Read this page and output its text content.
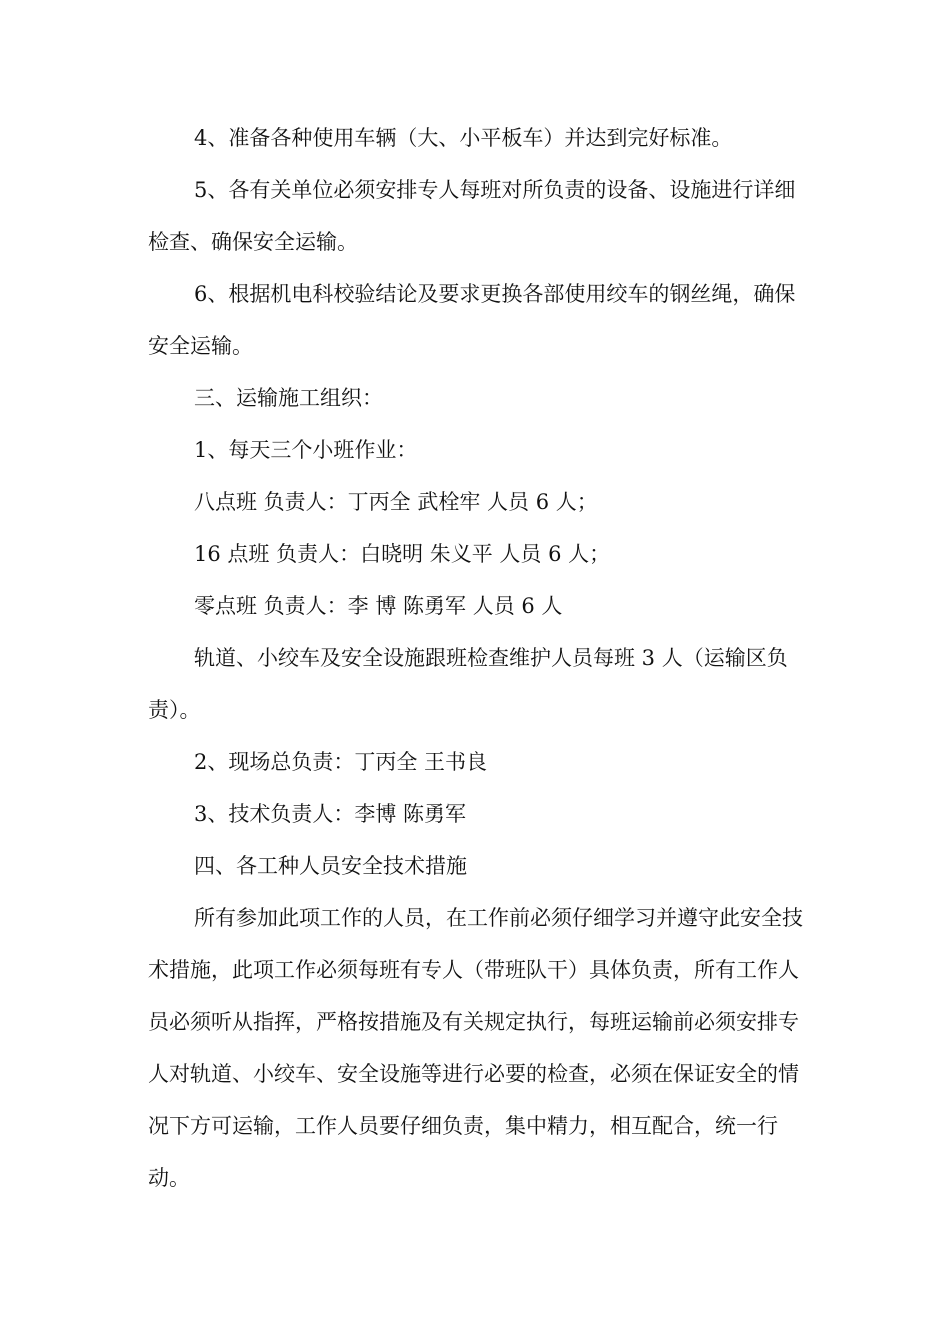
4、准备各种使用车辆（大、小平板车）并达到完好标准。

5、各有关单位必须安排专人每班对所负责的设备、设施进行详细检查、确保安全运输。

6、根据机电科校验结论及要求更换各部使用绞车的钢丝绳，确保安全运输。

三、运输施工组织：

1、每天三个小班作业：

八点班 负责人：丁丙全 武栓牢 人员 6 人；

16 点班 负责人：白晓明 朱义平 人员 6 人；

零点班 负责人：李 博 陈勇军 人员 6 人

轨道、小绞车及安全设施跟班检查维护人员每班 3 人（运输区负责）。

2、现场总负责：丁丙全 王书良

3、技术负责人：李博 陈勇军

四、各工种人员安全技术措施

所有参加此项工作的人员，在工作前必须仔细学习并遵守此安全技术措施，此项工作必须每班有专人（带班队干）具体负责，所有工作人员必须听从指挥，严格按措施及有关规定执行，每班运输前必须安排专人对轨道、小绞车、安全设施等进行必要的检查，必须在保证安全的情况下方可运输，工作人员要仔细负责，集中精力，相互配合，统一行动。
